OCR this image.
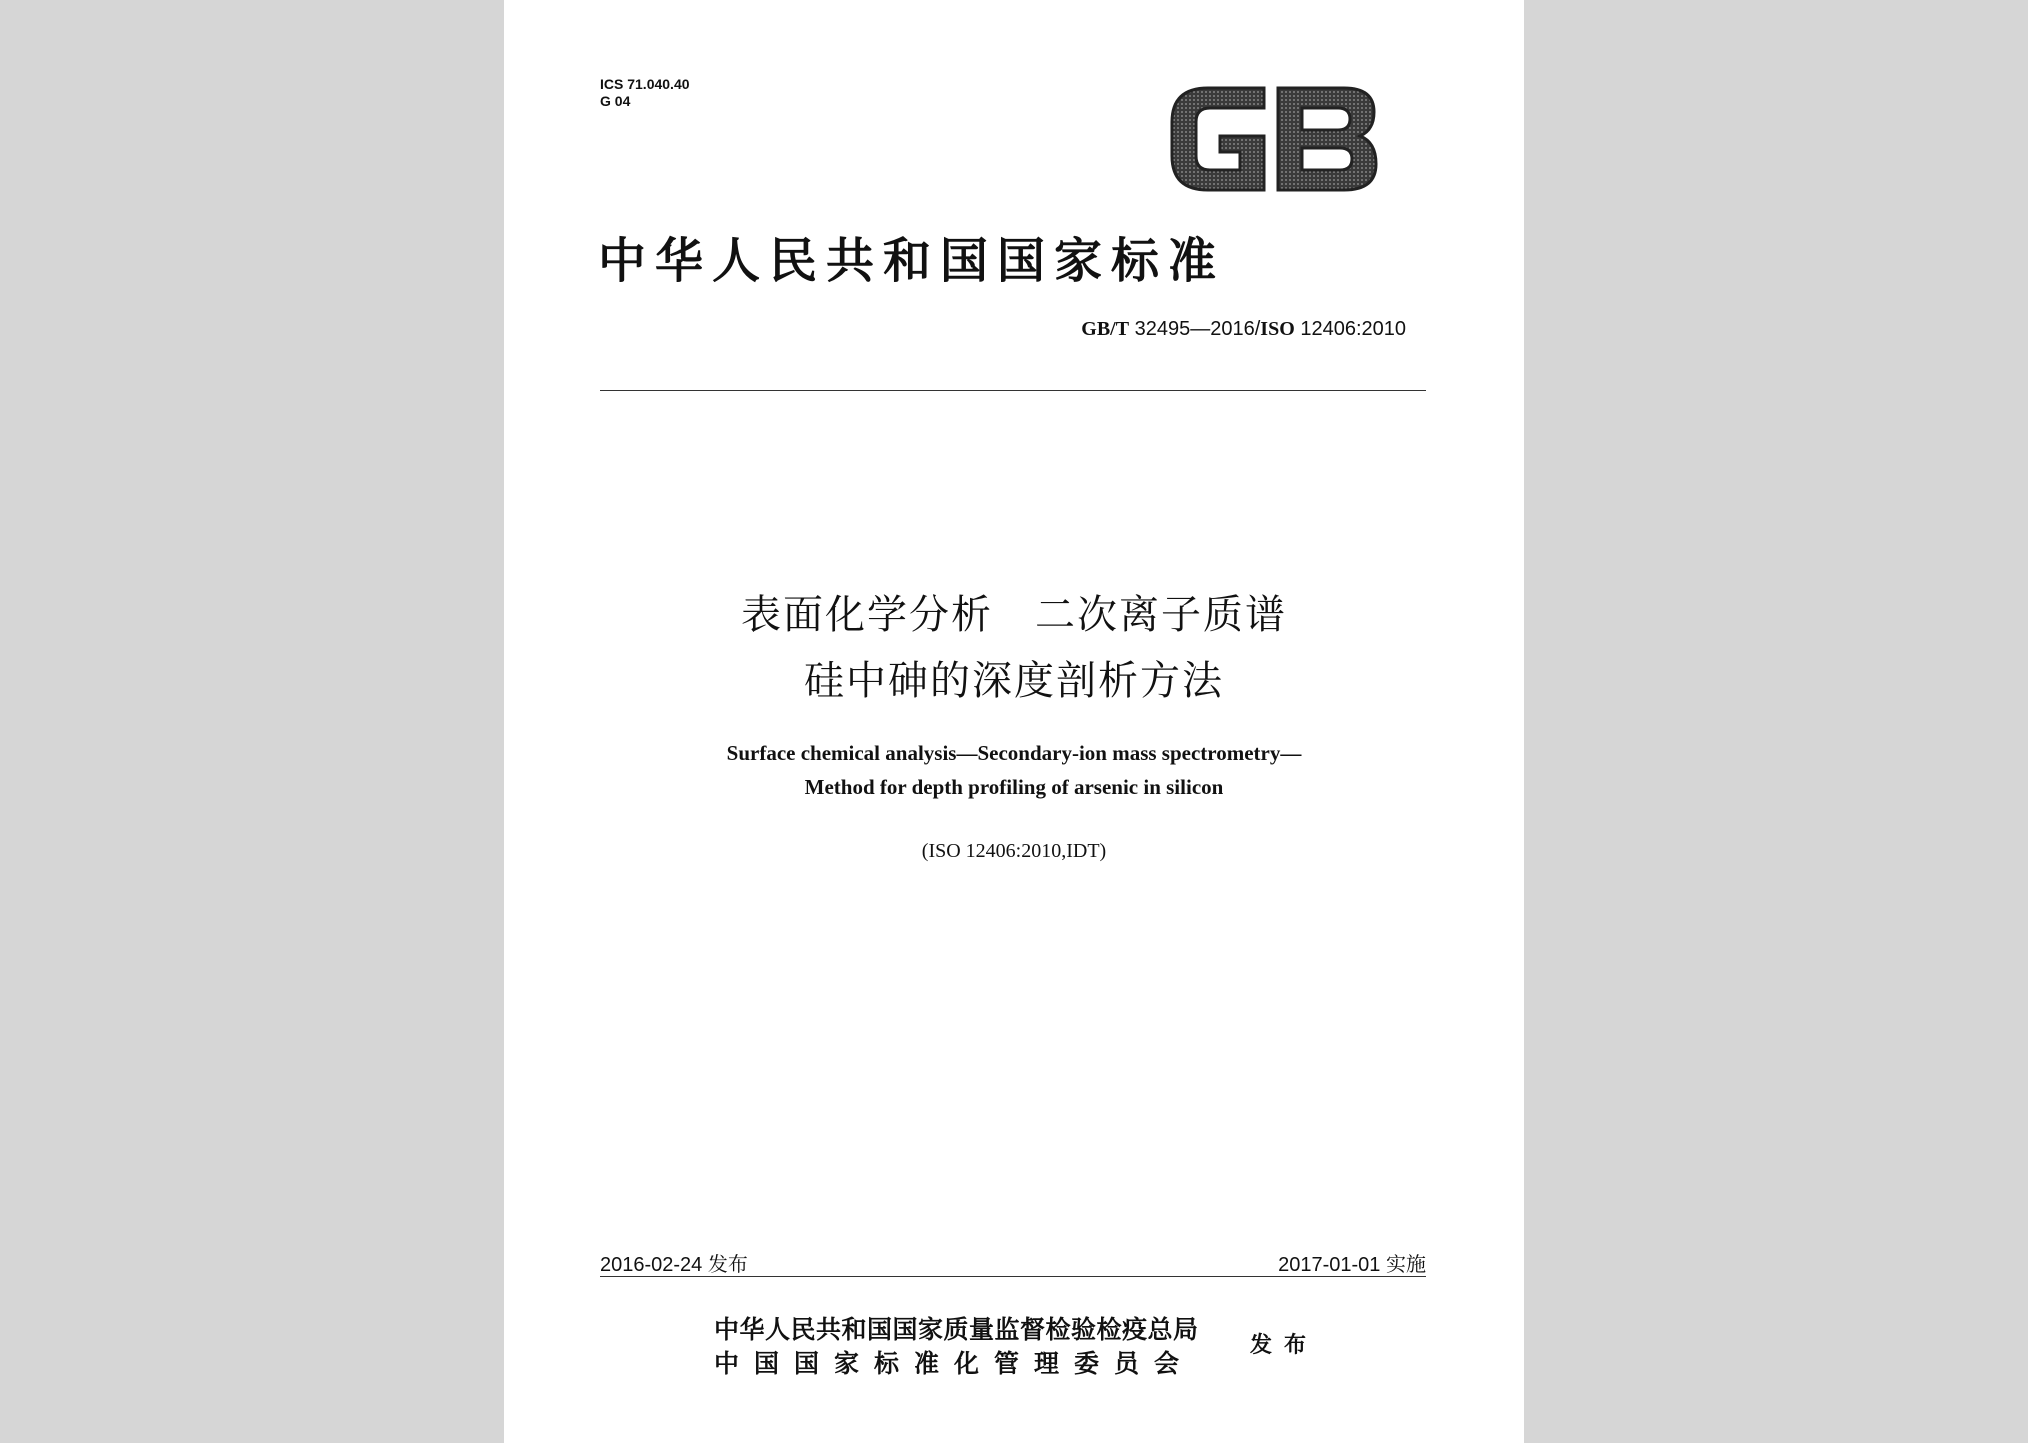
ICS 71.040.40
G 04
GB
中华人民共和国国家标准
GB/T 32495—2016/ISO 12406:2010
表面化学分析　二次离子质谱
硅中砷的深度剖析方法
Surface chemical analysis—Secondary-ion mass spectrometry—
Method for depth profiling of arsenic in silicon
(ISO 12406:2010,IDT)
2016-02-24 发布	2017-01-01 实施
中华人民共和国国家质量监督检验检疫总局
中国国家标准化管理委员会
发布
